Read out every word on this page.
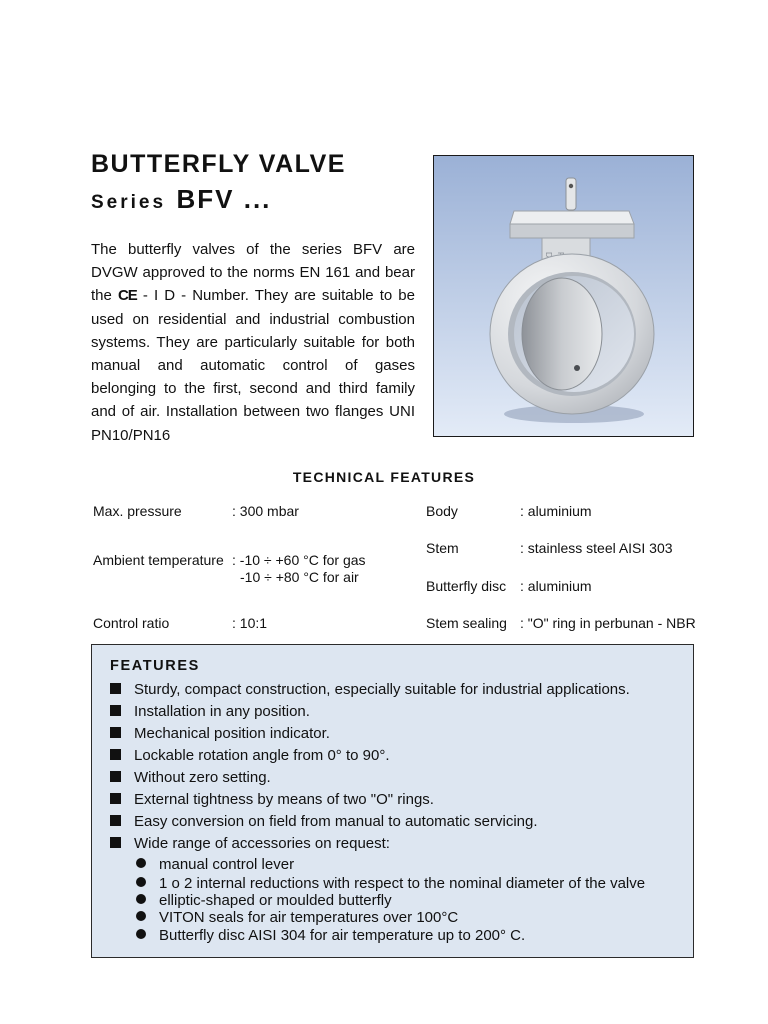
BUTTERFLY VALVE
Series BFV ...
The butterfly valves of the series BFV are DVGW approved to the norms EN 161 and bear the CE - I D - Number. They are suitable to be used on residential and industrial combustion systems. They are particularly suitable for both manual and automatic control of gases belonging to the first, second and third family and of air. Installation between two flanges UNI PN10/PN16
TECHNICAL FEATURES
Max. pressure	: 300 mbar
Ambient temperature : -10 ÷ +60 °C for gas
-10 ÷ +80 °C for air
Control ratio	: 10:1
Body	: aluminium
Stem	: stainless steel AISI 303
Butterfly disc : aluminium
Stem sealing : "O" ring in perbunan - NBR
FEATURES
Sturdy, compact construction, especially suitable for industrial applications.
Installation in any position.
Mechanical position indicator.
Lockable rotation angle from 0° to 90°.
Without zero setting.
External tightness by means of two "O" rings.
Easy conversion on field from manual to automatic servicing.
Wide range of accessories on request:
manual control lever
1 o 2 internal reductions with respect to the nominal diameter of the valve
elliptic-shaped or moulded butterfly
VITON seals for air temperatures over 100°C
Butterfly disc AISI 304 for air temperature up to 200° C.
